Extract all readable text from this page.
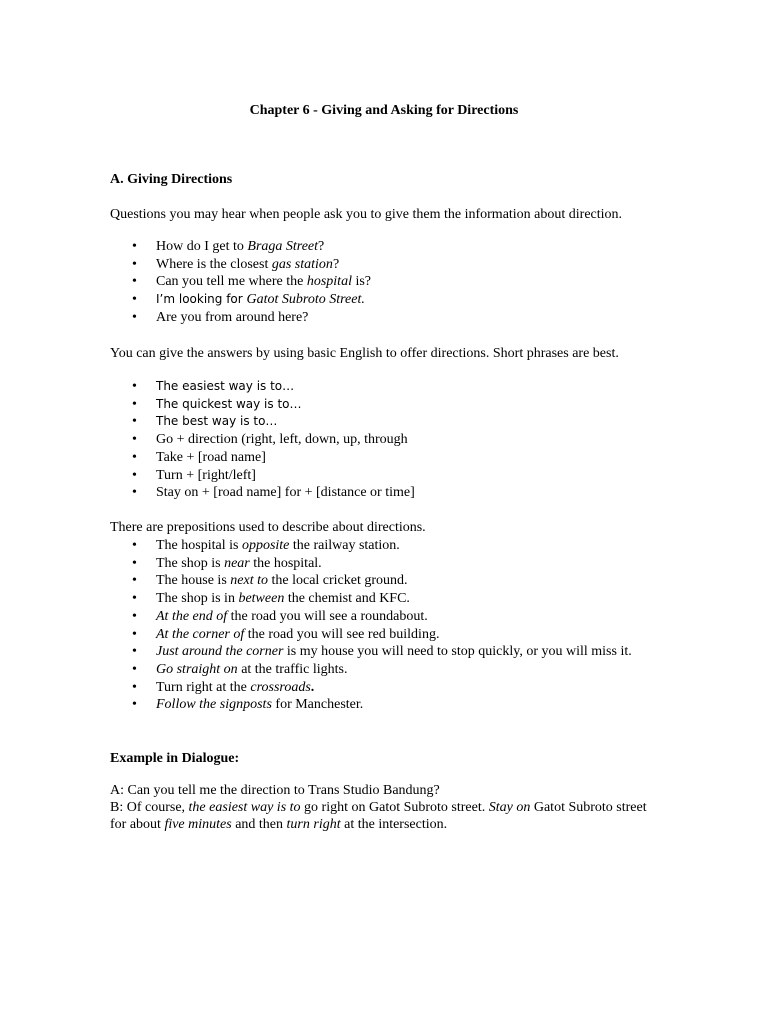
Chapter 6 - Giving and Asking for Directions

A. Giving Directions

Questions you may hear when people ask you to give them the information about direction.

• How do I get to Braga Street?
• Where is the closest gas station?
• Can you tell me where the hospital is?
• I’m looking for Gatot Subroto Street.
• Are you from around here?

You can give the answers by using basic English to offer directions. Short phrases are best.

• The easiest way is to…
• The quickest way is to…
• The best way is to…
• Go + direction (right, left, down, up, through
• Take + [road name]
• Turn + [right/left]
• Stay on + [road name] for + [distance or time]

There are prepositions used to describe about directions.

• The hospital is opposite the railway station.
• The shop is near the hospital.
• The house is next to the local cricket ground.
• The shop is in between the chemist and KFC.
• At the end of the road you will see a roundabout.
• At the corner of the road you will see red building.
• Just around the corner is my house you will need to stop quickly, or you will miss it.
• Go straight on at the traffic lights.
• Turn right at the crossroads.
• Follow the signposts for Manchester.

Example in Dialogue:

A: Can you tell me the direction to Trans Studio Bandung?

B: Of course, the easiest way is to go right on Gatot Subroto street. Stay on Gatot Subroto street for about five minutes and then turn right at the intersection.
